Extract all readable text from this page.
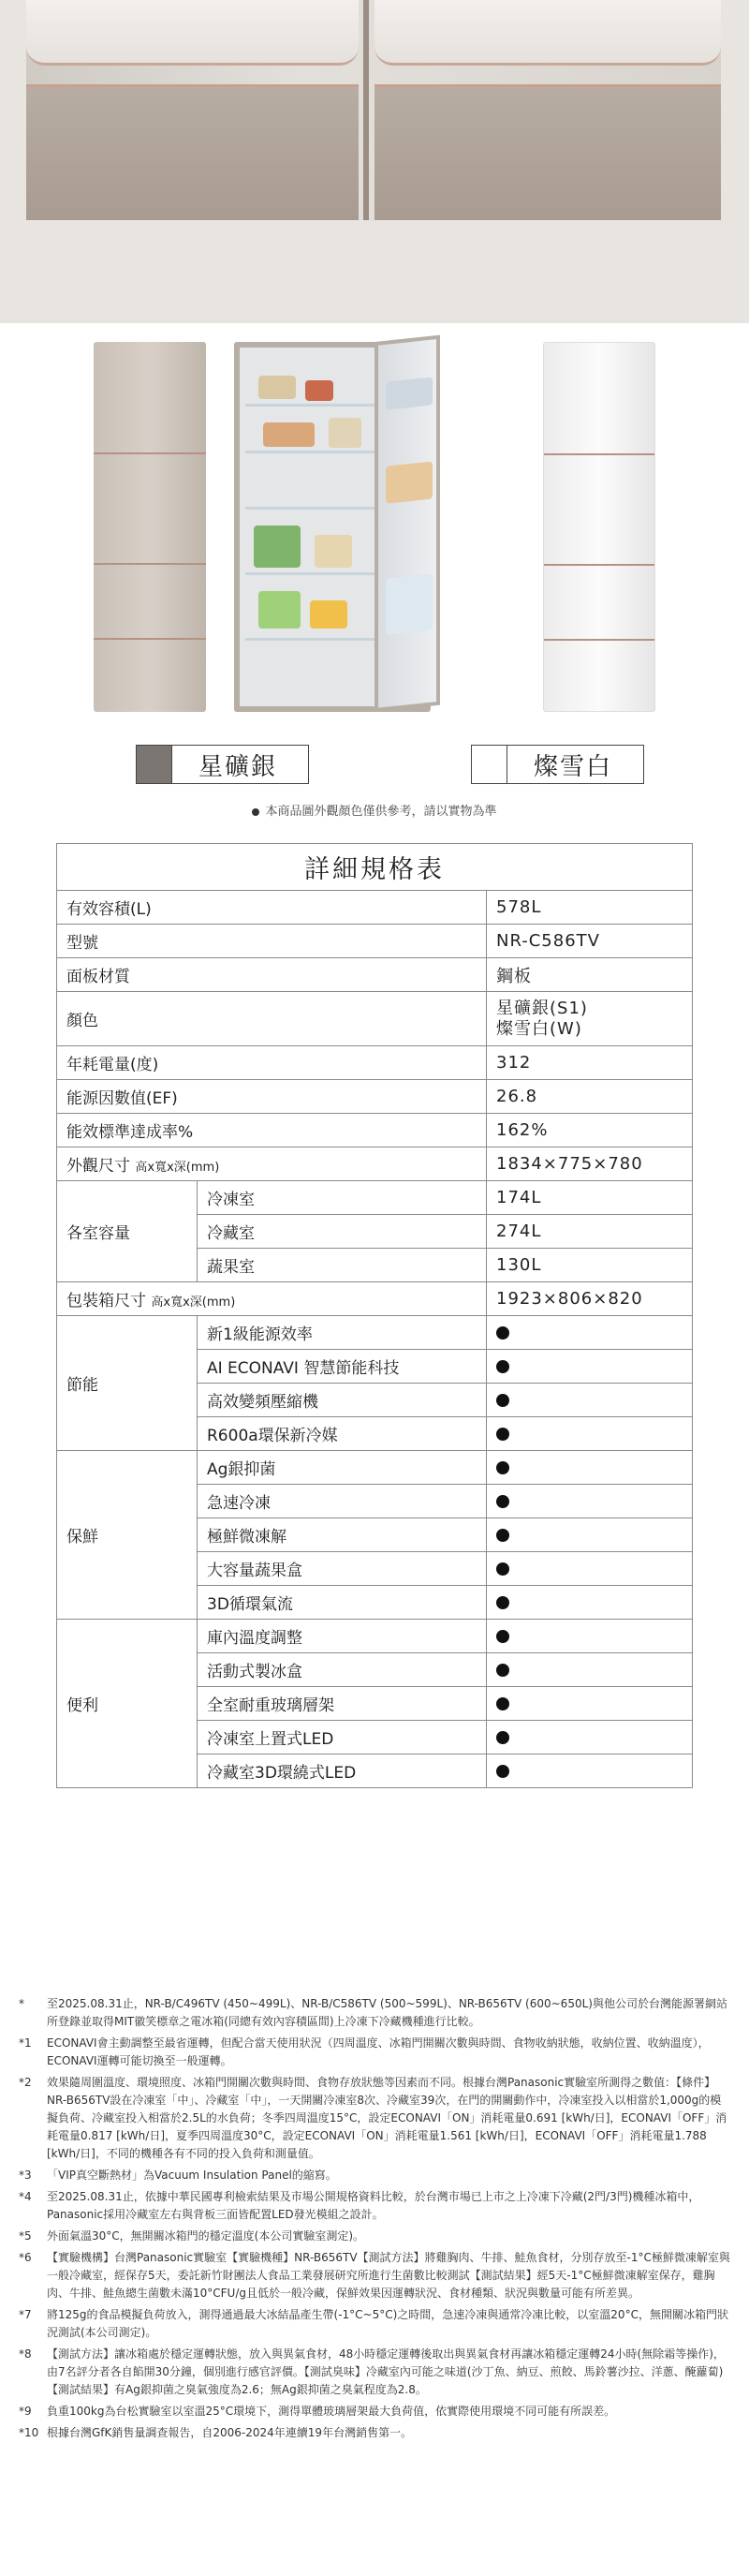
星礦銀	燦雪白
本商品圖外觀顏色僅供參考，請以實物為準
詳細規格表		
有效容積(L)		578L
型號		NR-C586TV
面板材質		鋼板
顏色		星礦銀(S1)
燦雪白(W)

年耗電量(度)		312
能源因數值(EF)		26.8
能效標準達成率%		162%
外觀尺寸 高x寬x深(mm)		1834×775×780
各室容量	冷凍室	174L
	冷藏室	274L
	蔬果室	130L
包裝箱尺寸 高x寬x深(mm)		1923×806×820
節能	新1級能源效率	
	AI ECONAVI 智慧節能科技	
	高效變頻壓縮機	
	R600a環保新冷媒	
保鮮	Ag銀抑菌	
	急速冷凍	
	極鮮微凍解	
	大容量蔬果盒	
	3D循環氣流	
便利	庫內溫度調整	
	活動式製冰盒	
	全室耐重玻璃層架	
	冷凍室上置式LED	
	冷藏室3D環繞式LED	
*	至2025.08.31止，NR-B/C496TV (450~499L)、NR-B/C586TV (500~599L)、NR-B656TV (600~650L)與他公司於台灣能源署網站所登錄並取得MIT徽笑標章之電冰箱(同總有效內容積區間)上冷凍下冷藏機種進行比較。
*1	ECONAVI會主動調整至最省運轉，但配合當天使用狀況（四周溫度、冰箱門開關次數與時間、食物收納狀態，收納位置、收納溫度），ECONAVI運轉可能切換至一般運轉。
*2	效果隨周圍溫度、環境照度、冰箱門開關次數與時間、食物存放狀態等因素而不同。根據台灣Panasonic實驗室所測得之數值：【條件】NR-B656TV設在冷凍室「中」、冷藏室「中」，一天開關冷凍室8次、冷藏室39次，在門的開關動作中，冷凍室投入以相當於1,000g的模擬負荷、冷藏室投入相當於2.5L的水負荷；冬季四周溫度15°C，設定ECONAVI「ON」消耗電量0.691 [kWh/日]，ECONAVI「OFF」消耗電量0.817 [kWh/日]，夏季四周溫度30°C，設定ECONAVI「ON」消耗電量1.561 [kWh/日]，ECONAVI「OFF」消耗電量1.788 [kWh/日]，不同的機種各有不同的投入負荷和測量值。
*3	「VIP真空斷熱材」為Vacuum Insulation Panel的縮寫。
*4	至2025.08.31止，依據中華民國專利檢索結果及市場公開規格資料比較，於台灣市場已上市之上冷凍下冷藏(2門/3門)機種冰箱中，Panasonic採用冷藏室左右與背板三面皆配置LED發光模組之設計。
*5	外面氣溫30°C，無開關冰箱門的穩定溫度(本公司實驗室測定)。
*6	【實驗機構】台灣Panasonic實驗室【實驗機種】NR-B656TV【測試方法】將雞胸肉、牛排、鮭魚食材，分別存放至-1°C極鮮微凍解室與一般冷藏室，經保存5天，委託新竹財團法人食品工業發展研究所進行生菌數比較測試【測試結果】經5天-1°C極鮮微凍解室保存，雞胸肉、牛排、鮭魚總生菌數未滿10°CFU/g且低於一般冷藏，保鮮效果因運轉狀況、食材種類、狀況與數量可能有所差異。
*7	將125g的食品模擬負荷放入，測得通過最大冰結晶產生帶(-1°C~5°C)之時間，急速冷凍與通常冷凍比較，以室溫20°C，無開關冰箱門狀況測試(本公司測定)。
*8	【測試方法】讓冰箱處於穩定運轉狀態，放入與異氣食材，48小時穩定運轉後取出與異氣食材再讓冰箱穩定運轉24小時(無除霜等操作)，由7名評分者各自餡開30分鐘，個別進行感官評價。【測試臭味】冷藏室內可能之味道(沙丁魚、納豆、煎餃、馬鈴薯沙拉、洋蔥、醃蘿蔔)【測試結果】有Ag銀抑菌之臭氣強度為2.6；無Ag銀抑菌之臭氣程度為2.8。
*9	負重100kg為台松實驗室以室溫25°C環境下，測得單體玻璃層架最大負荷值，依實際使用環境不同可能有所誤差。
*10 根據台灣GfK銷售量調查報告，自2006-2024年連續19年台灣銷售第一。
